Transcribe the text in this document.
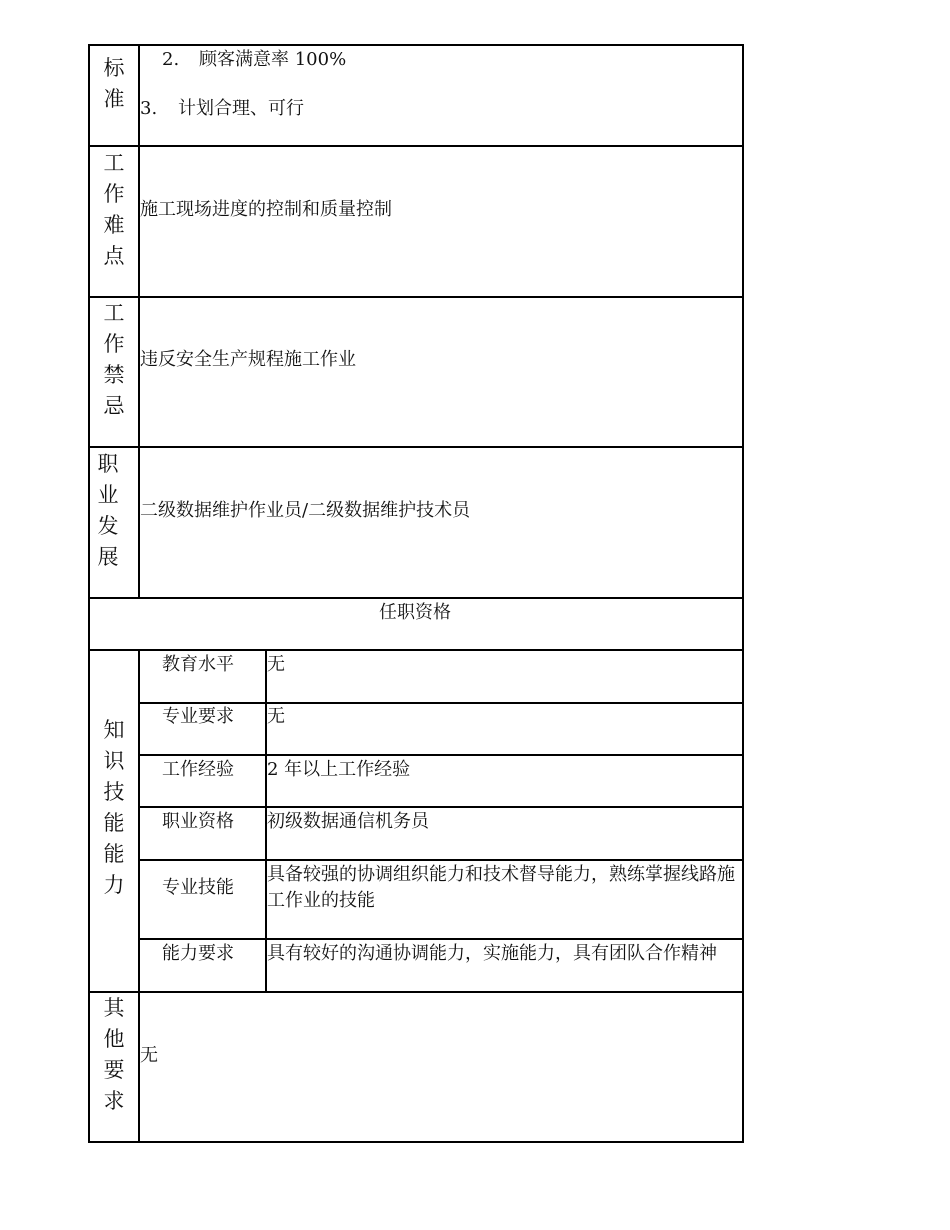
标
准
2. 顾客满意率 100%
3. 计划合理、可行
工
作
难
点
施工现场进度的控制和质量控制
工
作
禁
忌
违反安全生产规程施工作业
职
业
发
展
二级数据维护作业员/二级数据维护技术员
任职资格
知
识
技
能
能
力
教育水平 无
专业要求 无
工作经验 2 年以上工作经验
职业资格 初级数据通信机务员
专业技能
具备较强的协调组织能力和技术督导能力，熟练掌握线路施工作业的技能
能力要求 具有较好的沟通协调能力，实施能力，具有团队合作精神
其
他
要
求
无
